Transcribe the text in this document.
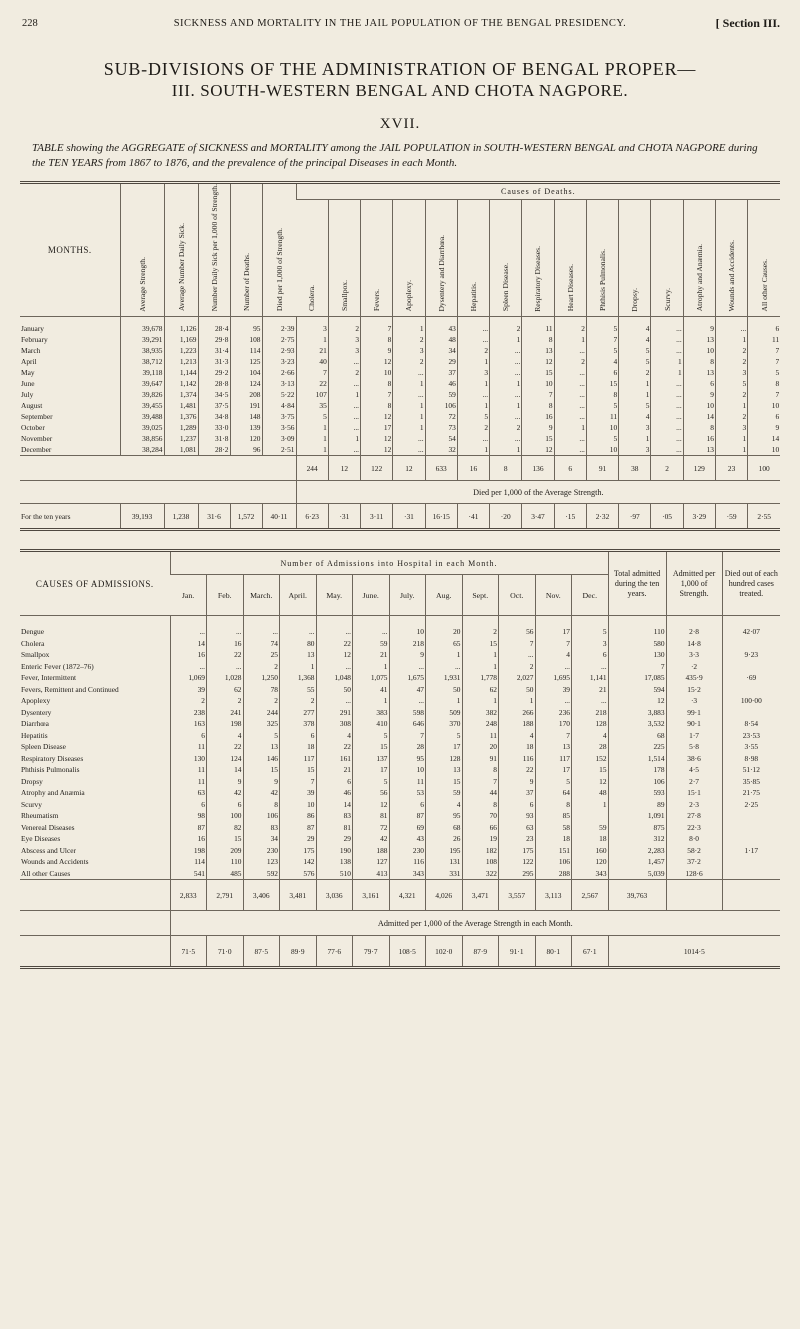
228	SICKNESS AND MORTALITY IN THE JAIL POPULATION OF THE BENGAL PRESIDENCY.	[ Section III.
SUB-DIVISIONS OF THE ADMINISTRATION OF BENGAL PROPER—
III. SOUTH-WESTERN BENGAL AND CHOTA NAGPORE.
XVII.
TABLE showing the AGGREGATE of SICKNESS and MORTALITY among the JAIL POPULATION in SOUTH-WESTERN BENGAL and CHOTA NAGPORE during the TEN YEARS from 1867 to 1876, and the prevalence of the principal Diseases in each Month.
MONTHS.	Average Strength.	Average Number Daily Sick.	Number Daily Sick per 1,000 of Strength.	Number of Deaths.	Died per 1,000 of Strength.	Causes of Deaths.														
						Cholera.	Smallpox.	Fevers.	Apoplexy.	Dysentery and Diarrhœa.	Hepatitis.	Spleen Disease.	Respiratory Diseases.	Heart Diseases.	Phthisis Pulmonalis.	Dropsy.	Scurvy.	Atrophy and Anæmia.	Wounds and Accidents.	All other Causes.
January	39,678	1,126	28·4	95	2·39	3	2	7	1	43	...	2	11	2	5	4	...	9	...	6
February	39,291	1,169	29·8	108	2·75	1	3	8	2	48	...	1	8	1	7	4	...	13	1	11
March	38,935	1,223	31·4	114	2·93	21	3	9	3	34	2	...	13	...	5	5	...	10	2	7
April	38,712	1,213	31·3	125	3·23	40	...	12	2	29	1	...	12	2	4	5	1	8	2	7
May	39,118	1,144	29·2	104	2·66	7	2	10	...	37	3	...	15	...	6	2	1	13	3	5
June	39,647	1,142	28·8	124	3·13	22	...	8	1	46	1	1	10	...	15	1	...	6	5	8
July	39,826	1,374	34·5	208	5·22	107	1	7	...	59	...	...	7	...	8	1	...	9	2	7
August	39,455	1,481	37·5	191	4·84	35	...	8	1	106	1	1	8	...	5	5	...	10	1	10
September	39,488	1,376	34·8	148	3·75	5	...	12	1	72	5	...	16	...	11	4	...	14	2	6
October	39,025	1,289	33·0	139	3·56	1	...	17	1	73	2	2	9	1	10	3	...	8	3	9
November	38,856	1,237	31·8	120	3·09	1	1	12	...	54	...	...	15	...	5	1	...	16	1	14
December	38,284	1,081	28·2	96	2·51	1	...	12	...	32	1	1	12	...	10	3	...	13	1	10
						244	12	122	12	633	16	8	136	6	91	38	2	129	23	100
						Died per 1,000 of the Average Strength.														
For the ten years	39,193	1,238	31·6	1,572	40·11	6·23	·31	3·11	·31	16·15	·41	·20	3·47	·15	2·32	·97	·05	3·29	·59	2·55

CAUSES OF ADMISSIONS.	Number of Admissions into Hospital in each Month.												Total admitted during the ten years.	Admitted per 1,000 of Strength.	Died out of each hundred cases treated.
	Jan.	Feb.	March.	April.	May.	June.	July.	Aug.	Sept.	Oct.	Nov.	Dec.			
Dengue	...	...	...	...	...	...	10	20	2	56	17	5	110	2·8	42·07
Cholera	14	16	74	80	22	59	218	65	15	7	7	3	580	14·8	
Smallpox	16	22	25	13	12	21	9	1	1	...	4	6	130	3·3	9·23
Enteric Fever (1872–76)	...	...	2	1	...	1	...	...	1	2	...	...	7	·2	
Fever, Intermittent	1,069	1,028	1,250	1,368	1,048	1,075	1,675	1,931	1,778	2,027	1,695	1,141	17,085	435·9	·69
Fevers, Remittent and Continued	39	62	78	55	50	41	47	50	62	50	39	21	594	15·2	
Apoplexy	2	2	2	2	...	1	...	1	1	1	...	...	12	·3	100·00
Dysentery	238	241	244	277	291	383	598	509	382	266	236	218	3,883	99·1	
Diarrhœa	163	198	325	378	308	410	646	370	248	188	170	128	3,532	90·1	8·54
Hepatitis	6	4	5	6	4	5	7	5	11	4	7	4	68	1·7	23·53
Spleen Disease	11	22	13	18	22	15	28	17	20	18	13	28	225	5·8	3·55
Respiratory Diseases	130	124	146	117	161	137	95	128	91	116	117	152	1,514	38·6	8·98
Phthisis Pulmonalis	11	14	15	15	21	17	10	13	8	22	17	15	178	4·5	51·12
Dropsy	11	9	9	7	6	5	11	15	7	9	5	12	106	2·7	35·85
Atrophy and Anæmia	63	42	42	39	46	56	53	59	44	37	64	48	593	15·1	21·75
Scurvy	6	6	8	10	14	12	6	4	8	6	8	1	89	2·3	2·25
Rheumatism	98	100	106	86	83	81	87	95	70	93	85		1,091	27·8	
Venereal Diseases	87	82	83	87	81	72	69	68	66	63	58	59	875	22·3	
Eye Diseases	16	15	34	29	29	42	43	26	19	23	18	18	312	8·0	
Abscess and Ulcer	198	209	230	175	190	188	230	195	182	175	151	160	2,283	58·2	1·17
Wounds and Accidents	114	110	123	142	138	127	116	131	108	122	106	120	1,457	37·2	
All other Causes	541	485	592	576	510	413	343	331	322	295	288	343	5,039	128·6	
	2,833	2,791	3,406	3,481	3,036	3,161	4,321	4,026	3,471	3,557	3,113	2,567	39,763		
	Admitted per 1,000 of the Average Strength in each Month.														
	71·5	71·0	87·5	89·9	77·6	79·7	108·5	102·0	87·9	91·1	80·1	67·1	1014·5		
